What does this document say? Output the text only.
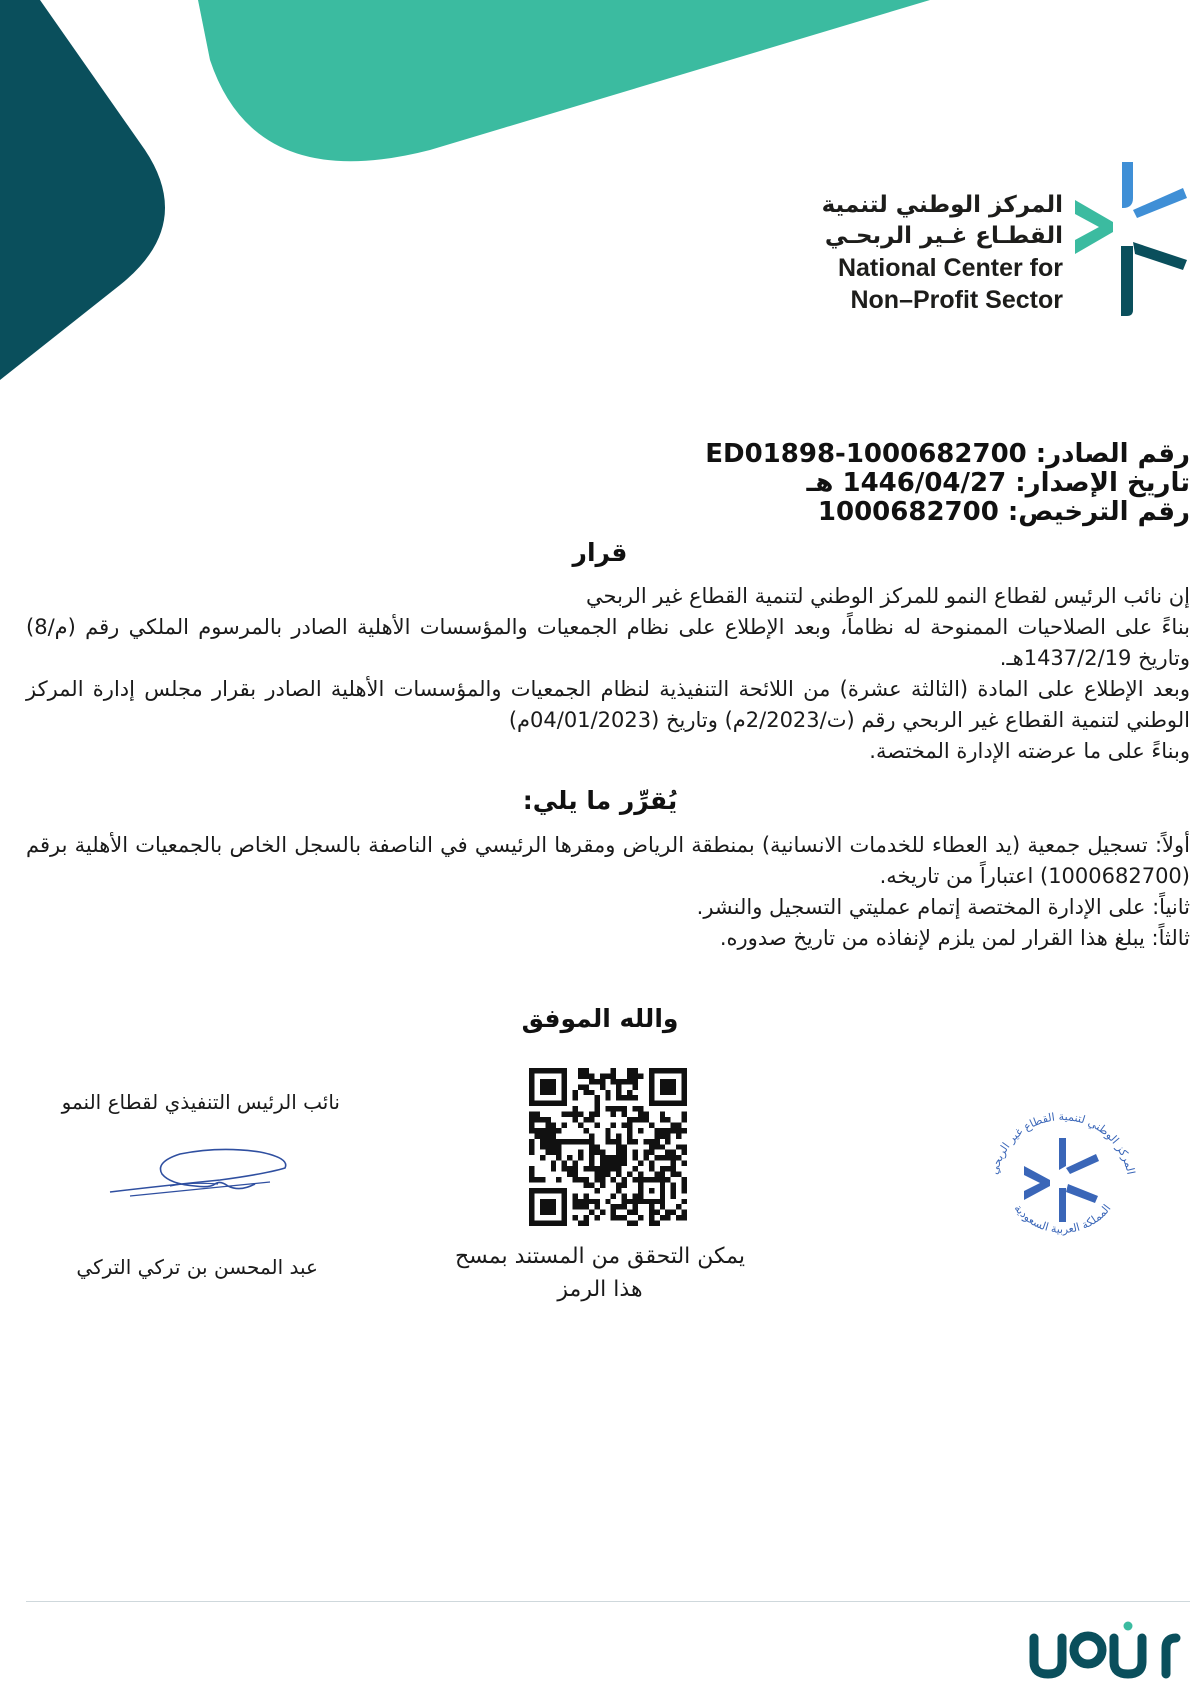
المركز الوطني لتنمية
القطـاع غـير الربحـي
National Center for
Non–Profit Sector
رقم الصادر: ED01898-1000682700
تاريخ الإصدار: 1446/04/27 هـ
رقم الترخيص: 1000682700
قرار

إن نائب الرئيس لقطاع النمو للمركز الوطني لتنمية القطاع غير الربحي

بناءً على الصلاحيات الممنوحة له نظاماً، وبعد الإطلاع على نظام الجمعيات والمؤسسات الأهلية الصادر بالمرسوم الملكي رقم (م/8) وتاريخ 1437/2/19هـ.

وبعد الإطلاع على المادة (الثالثة عشرة) من اللائحة التنفيذية لنظام الجمعيات والمؤسسات الأهلية الصادر بقرار مجلس إدارة المركز الوطني لتنمية القطاع غير الربحي رقم (ت/2/2023م) وتاريخ (04/01/2023م)

وبناءً على ما عرضته الإدارة المختصة.

يُقرِّر ما يلي:

أولاً: تسجيل جمعية (يد العطاء للخدمات الانسانية) بمنطقة الرياض ومقرها الرئيسي في الناصفة بالسجل الخاص بالجمعيات الأهلية برقم (1000682700) اعتباراً من تاريخه.

ثانياً: على الإدارة المختصة إتمام عمليتي التسجيل والنشر.

ثالثاً: يبلغ هذا القرار لمن يلزم لإنفاذه من تاريخ صدوره.

والله الموفق
نائب الرئيس التنفيذي لقطاع النمو
عبد المحسن بن تركي التركي	يمكن التحقق من المستند بمسح
هذا الرمز
المركز الوطني لتنمية القطاع غير الربحي
المملكة العربية السعودية
